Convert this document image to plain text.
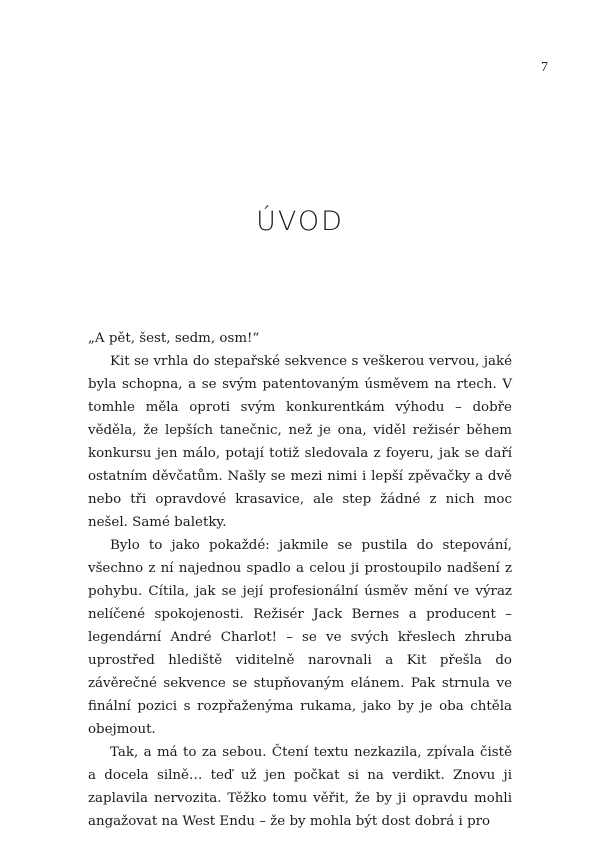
7
ÚVOD

„A pět, šest, sedm, osm!“

Kit se vrhla do stepařské sekvence s veškerou vervou, jaké byla schopna, a se svým patentovaným úsměvem na rtech. V tomhle měla oproti svým konkurentkám výhodu – dobře věděla, že lepších tanečnic, než je ona, viděl režisér během konkursu jen málo, potají totiž sledovala z foyeru, jak se daří ostatním děvčatům. Našly se mezi nimi i lepší zpěvačky a dvě nebo tři opravdové krasavice, ale step žádné z nich moc nešel. Samé baletky.

Bylo to jako pokaždé: jakmile se pustila do stepování, všechno z ní najednou spadlo a celou ji prostoupilo nadšení z pohybu. Cítila, jak se její profesionální úsměv mění ve výraz nelíčené spokojenosti. Režisér Jack Bernes a producent – legendární André Charlot! – se ve svých křeslech zhruba uprostřed hlediště viditelně narovnali a Kit přešla do závěrečné sekvence se stupňovaným elánem. Pak strnula ve finální pozici s rozpřaženýma rukama, jako by je oba chtěla obejmout.

Tak, a má to za sebou. Čtení textu nezkazila, zpívala čistě a docela silně… teď už jen počkat si na verdikt. Znovu ji zaplavila nervozita. Těžko tomu věřit, že by ji opravdu mohli angažovat na West Endu – že by mohla být dost dobrá i pro
